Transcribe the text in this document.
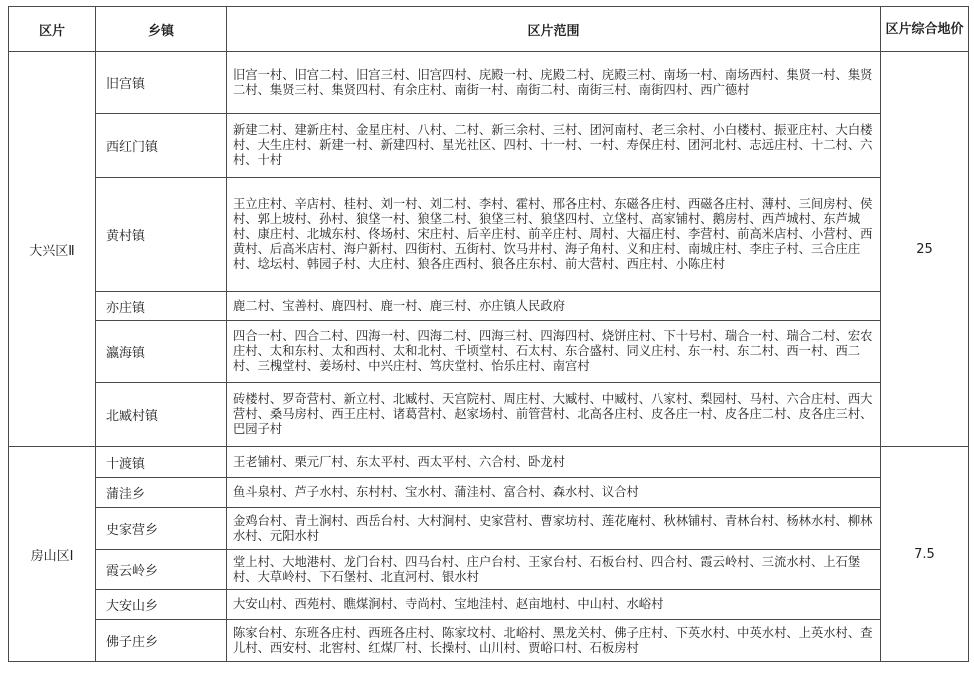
区片	乡镇	区片范围	区片综合地价
大兴区Ⅱ	旧宫镇	旧宫一村、旧宫二村、旧宫三村、旧宫四村、庑殿一村、庑殿二村、庑殿三村、南场一村、南场西村、集贤一村、集贤二村、集贤三村、集贤四村、有余庄村、南街一村、南街二村、南街三村、南街四村、西广德村	25
	西红门镇	新建二村、建新庄村、金星庄村、八村、二村、新三余村、三村、团河南村、老三余村、小白楼村、振亚庄村、大白楼村、大生庄村、新建一村、新建四村、星光社区、四村、十一村、一村、寿保庄村、团河北村、志远庄村、十二村、六村、十村	
	黄村镇	王立庄村、辛店村、桂村、刘一村、刘二村、李村、霍村、邢各庄村、东磁各庄村、西磁各庄村、薄村、三间房村、侯村、郭上坡村、孙村、狼垡一村、狼垡二村、狼垡三村、狼垡四村、立垡村、高家铺村、鹅房村、西芦城村、东芦城村、康庄村、北城东村、佟场村、宋庄村、后辛庄村、前辛庄村、周村、大福庄村、李营村、前高米店村、小营村、西黄村、后高米店村、海户新村、四街村、五街村、饮马井村、海子角村、义和庄村、南城庄村、李庄子村、三合庄庄村、埝坛村、韩园子村、大庄村、狼各庄西村、狼各庄东村、前大营村、西庄村、小陈庄村	
	亦庄镇	鹿二村、宝善村、鹿四村、鹿一村、鹿三村、亦庄镇人民政府	
	瀛海镇	四合一村、四合二村、四海一村、四海二村、四海三村、四海四村、烧饼庄村、下十号村、瑞合一村、瑞合二村、宏农庄村、太和东村、太和西村、太和北村、千顷堂村、石太村、东合盛村、同义庄村、东一村、东二村、西一村、西二村、三槐堂村、姜场村、中兴庄村、笃庆堂村、怡乐庄村、南宫村	
	北臧村镇	砖楼村、罗奇营村、新立村、北臧村、天宫院村、周庄村、大臧村、中臧村、八家村、梨园村、马村、六合庄村、西大营村、桑马房村、西王庄村、诸葛营村、赵家场村、前管营村、北高各庄村、皮各庄一村、皮各庄二村、皮各庄三村、巴园子村	
房山区Ⅰ	十渡镇	王老铺村、栗元厂村、东太平村、西太平村、六合村、卧龙村	7.5
	蒲洼乡	鱼斗泉村、芦子水村、东村村、宝水村、蒲洼村、富合村、森水村、议合村	
	史家营乡	金鸡台村、青土涧村、西岳台村、大村涧村、史家营村、曹家坊村、莲花庵村、秋林铺村、青林台村、杨林水村、柳林水村、元阳水村	
	霞云岭乡	堂上村、大地港村、龙门台村、四马台村、庄户台村、王家台村、石板台村、四合村、霞云岭村、三流水村、上石堡村、大草岭村、下石堡村、北直河村、银水村	
	大安山乡	大安山村、西苑村、瞧煤涧村、寺尚村、宝地洼村、赵亩地村、中山村、水峪村	
	佛子庄乡	陈家台村、东班各庄村、西班各庄村、陈家坟村、北峪村、黑龙关村、佛子庄村、下英水村、中英水村、上英水村、查儿村、西安村、北窖村、红煤厂村、长操村、山川村、贾峪口村、石板房村	
